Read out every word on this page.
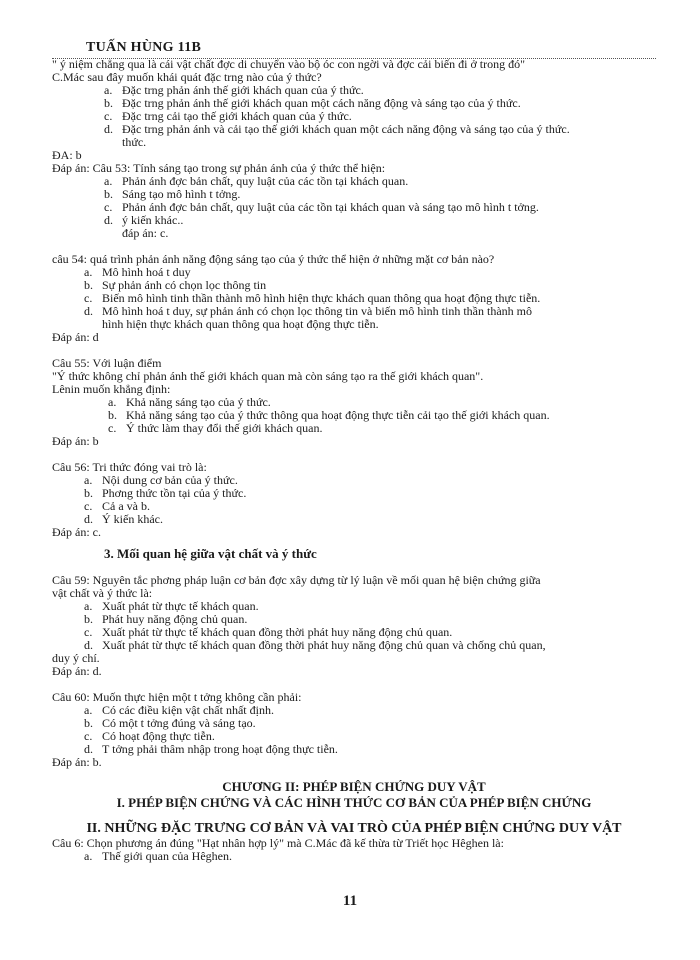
TUẤN HÙNG 11B
" ý niệm chẳng qua là cái vật chất đợc di chuyển vào bộ óc con ngời và đợc cải biến đi ở trong đó"
C.Mác sau đây muốn khái quát đặc trng nào của ý thức?
a. Đặc trng phản ánh thế giới khách quan của ý thức.
b. Đặc trng phản ánh thế giới khách quan một cách năng động và sáng tạo của ý thức.
c. Đặc trng cải tạo thế giới khách quan của ý thức.
d. Đặc trng phản ánh và cải tạo thế giới khách quan một cách năng động và sáng tạo của ý thức.
thức.
ĐA: b
Đáp án: Câu 53: Tính sáng tạo trong sự phản ánh của ý thức thể hiện:
a. Phản ánh đợc bản chất, quy luật của các tồn tại khách quan.
b. Sáng tạo mô hình t tởng.
c. Phản ánh đợc bản chất, quy luật của các tồn tại khách quan và sáng tạo mô hình t tởng.
d. ý kiến khác..
đáp án: c.
câu 54: quá trình phản ánh năng động sáng tạo của ý thức thể hiện ở những mặt cơ bản nào?
a. Mô hình hoá t duy
b. Sự phản ánh có chọn lọc thông tin
c. Biến mô hình tinh thần thành mô hình hiện thực khách quan thông qua hoạt động thực tiễn.
d. Mô hình hoá t duy, sự phản ánh có chọn lọc thông tin và biến mô hình tinh thần thành mô
hình hiện thực khách quan thông qua hoạt động thực tiễn.
Đáp án: d
Câu 55: Với luận điểm
"Ý thức không chỉ phản ánh thế giới khách quan mà còn sáng tạo ra thế giới khách quan".
Lênin muốn khẳng định:
a. Khả năng sáng tạo của ý thức.
b. Khả năng sáng tạo của ý thức thông qua hoạt động thực tiễn cải tạo thế giới khách quan.
c. Ý thức làm thay đổi thế giới khách quan.
Đáp án: b
Câu 56: Tri thức đóng vai trò là:
a. Nội dung cơ bản của ý thức.
b. Phơng thức tồn tại của ý thức.
c. Cả a và b.
d. Ý kiến khác.
Đáp án: c.
3. Mối quan hệ giữa vật chất và ý thức
Câu 59: Nguyên tắc phơng pháp luận cơ bản đợc xây dựng từ lý luận về mối quan hệ biện chứng giữa
vật chất và ý thức là:
a. Xuất phát từ thực tế khách quan.
b. Phát huy năng động chủ quan.
c. Xuất phát từ thực tế khách quan đồng thời phát huy năng động chủ quan.
d. Xuất phát từ thực tế khách quan đồng thời phát huy năng động chủ quan và chống chủ quan,
duy ý chí.
Đáp án: d.
Câu 60: Muốn thực hiện một t tởng không cần phải:
a. Có các điều kiện vật chất nhất định.
b. Có một t tởng đúng và sáng tạo.
c. Có hoạt động thực tiễn.
d. T tởng phải thâm nhập trong hoạt động thực tiễn.
Đáp án: b.
CHƯƠNG II: PHÉP BIỆN CHỨNG DUY VẬT
I. PHÉP BIỆN CHỨNG VÀ CÁC HÌNH THỨC CƠ BẢN CỦA PHÉP BIỆN CHỨNG
II. NHỮNG ĐẶC TRƯNG CƠ BẢN VÀ VAI TRÒ CỦA PHÉP BIỆN CHỨNG DUY VẬT
Câu 6: Chọn phương án đúng "Hạt nhân hợp lý" mà C.Mác đã kế thừa từ Triết học Hêghen là:
a. Thế giới quan của Hêghen.
11
